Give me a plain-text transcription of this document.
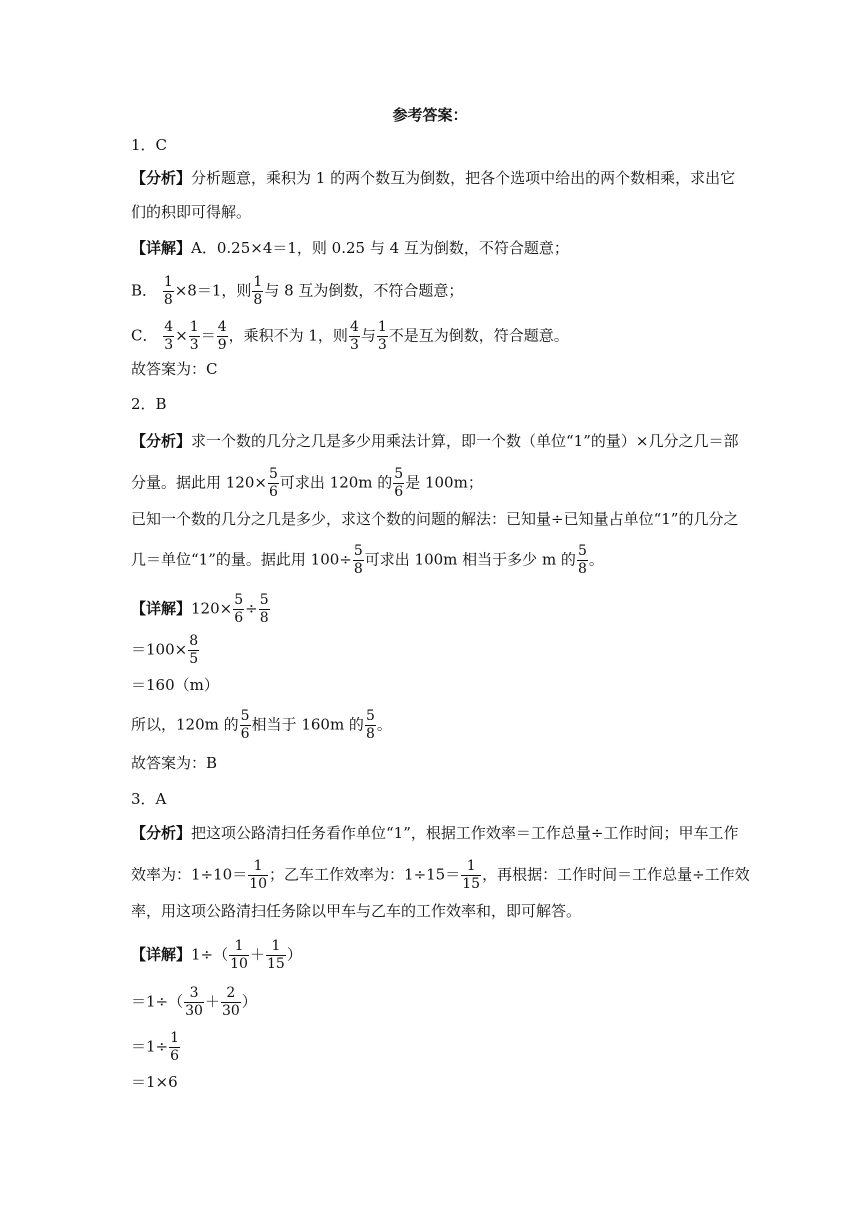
参考答案：
1．C
【分析】分析题意，乘积为 1 的两个数互为倒数，把各个选项中给出的两个数相乘，求出它
们的积即可得解。
【详解】A．0.25×4＝1，则 0.25 与 4 互为倒数，不符合题意；
B． $\frac{1}{8} \times 8=1$，则 $\frac{1}{8}$ 与 8 互为倒数，不符合题意；
C． $\frac{4}{3} \times \frac{1}{3} = \frac{4}{9}$ ，乘积不为 1，则 $\frac{4}{3}$ 与 $\frac{1}{3}$ 不是互为倒数，符合题意。
故答案为：C
2．B
【分析】求一个数的几分之几是多少用乘法计算，即一个数（单位“1”的量）×几分之几＝部
分量。据此用 $120\times \frac{5}{6}$ 可求出 120m 的 $\frac{5}{6}$ 是 100m；
已知一个数的几分之几是多少，求这个数的问题的解法：已知量÷已知量占单位“1”的几分之
几＝单位“1”的量。据此用 $100\div \frac{5}{8}$ 可求出 100m 相当于多少 m 的 $\frac{5}{8}$ 。
【详解】$120\times \frac{5}{6} \div \frac{5}{8}$
$=100\times \frac{8}{5}$
＝160（m）
所以，120m 的 $\frac{5}{6}$ 相当于 160m 的 $\frac{5}{8}$ 。
故答案为：B
3．A
【分析】把这项公路清扫任务看作单位“1”，根据工作效率＝工作总量÷工作时间；甲车工作
效率为：$1\div 10= \frac{1}{10}$ ；乙车工作效率为：$1\div 15= \frac{1}{15}$ ，再根据：工作时间＝工作总量÷工作效
率，用这项公路清扫任务除以甲车与乙车的工作效率和，即可解答。
【详解】$1\div( \frac{1}{10} + \frac{1}{15}$ ）
$=1\div( \frac{3}{30} + \frac{2}{30}$ ）
$=1\div \frac{1}{6}$
＝1×6
